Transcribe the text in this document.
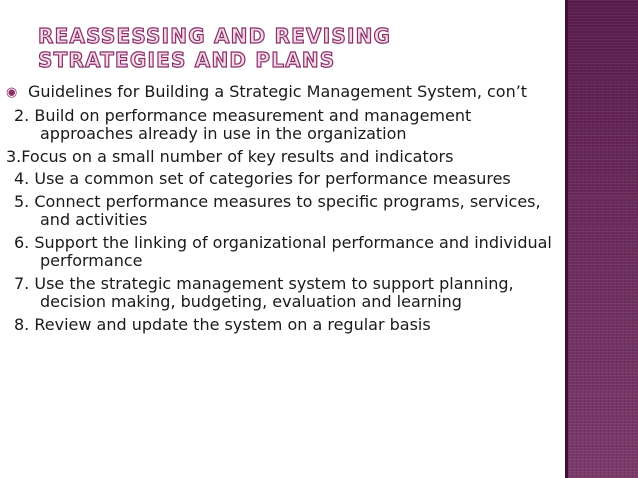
REASSESSING AND REVISING STRATEGIES AND PLANS

◉ Guidelines for Building a Strategic Management System, con’t

2. Build on performance measurement and management approaches already in use in the organization

3.Focus on a small number of key results and indicators

4. Use a common set of categories for performance measures

5. Connect performance measures to specific programs, services, and activities

6. Support the linking of organizational performance and individual performance

7. Use the strategic management system to support planning, decision making, budgeting, evaluation and learning

8. Review and update the system on a regular basis
